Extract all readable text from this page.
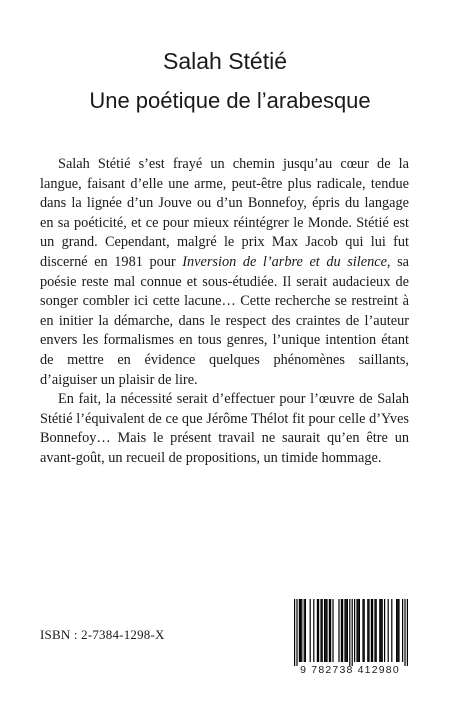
Salah Stétié
Une poétique de l’arabesque

Salah Stétié s’est frayé un chemin jusqu’au cœur de la langue, faisant d’elle une arme, peut-être plus radicale, tendue dans la lignée d’un Jouve ou d’un Bonnefoy, épris du langage en sa poéticité, et ce pour mieux réintégrer le Monde. Stétié est un grand. Cependant, malgré le prix Max Jacob qui lui fut discerné en 1981 pour Inversion de l’arbre et du silence, sa poésie reste mal connue et sous-étudiée. Il serait audacieux de songer combler ici cette lacune… Cette recherche se restreint à en initier la démarche, dans le respect des craintes de l’auteur envers les formalismes en tous genres, l’unique intention étant de mettre en évidence quelques phénomènes saillants, d’aiguiser un plaisir de lire.

En fait, la nécessité serait d’effectuer pour l’œuvre de Salah Stétié l’équivalent de ce que Jérôme Thélot fit pour celle d’Yves Bonnefoy… Mais le présent travail ne saurait qu’en être un avant-goût, un recueil de propositions, un timide hommage.

ISBN : 2-7384-1298-X
9 782738 412980
